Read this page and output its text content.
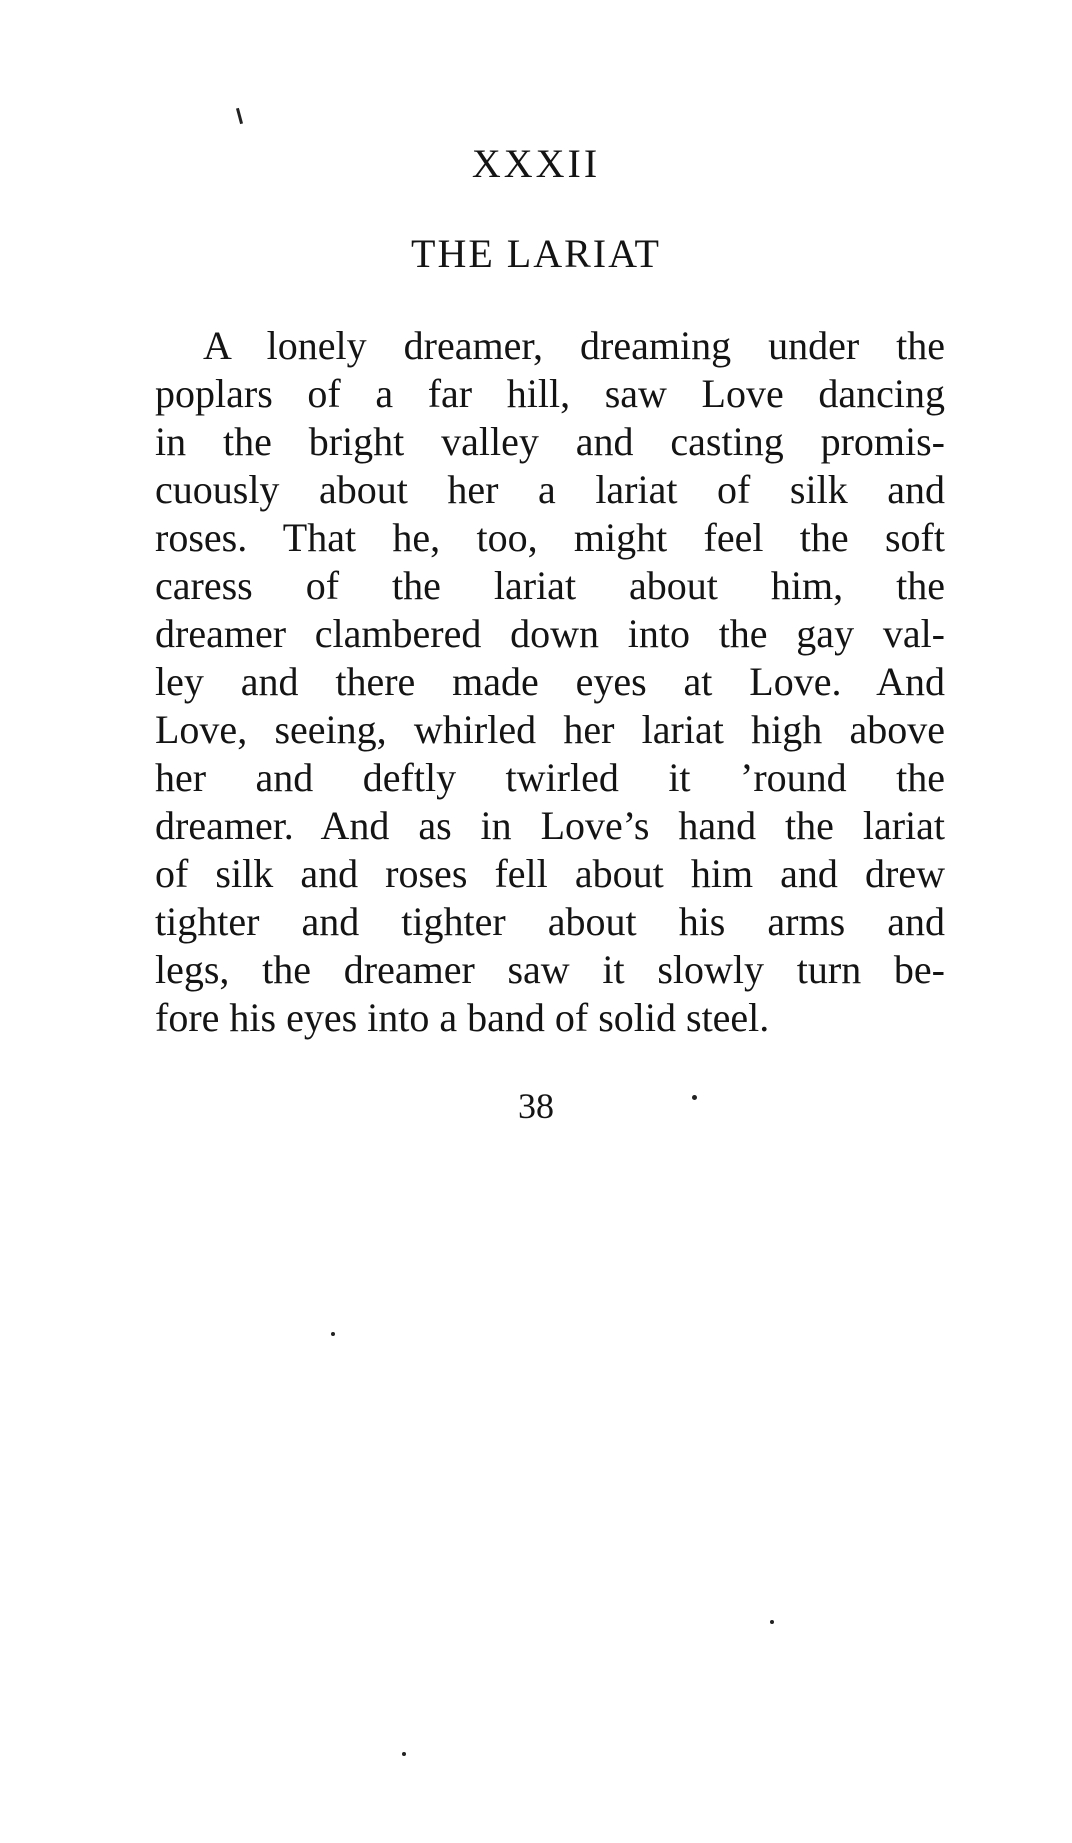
XXXII
THE LARIAT
A lonely dreamer, dreaming under the
poplars of a far hill, saw Love dancing
in the bright valley and casting promis-
cuously about her a lariat of silk and
roses. That he, too, might feel the soft
caress of the lariat about him, the
dreamer clambered down into the gay val-
ley and there made eyes at Love. And
Love, seeing, whirled her lariat high above
her and deftly twirled it ’round the
dreamer. And as in Love’s hand the lariat
of silk and roses fell about him and drew
tighter and tighter about his arms and
legs, the dreamer saw it slowly turn be-
fore his eyes into a band of solid steel.

38
